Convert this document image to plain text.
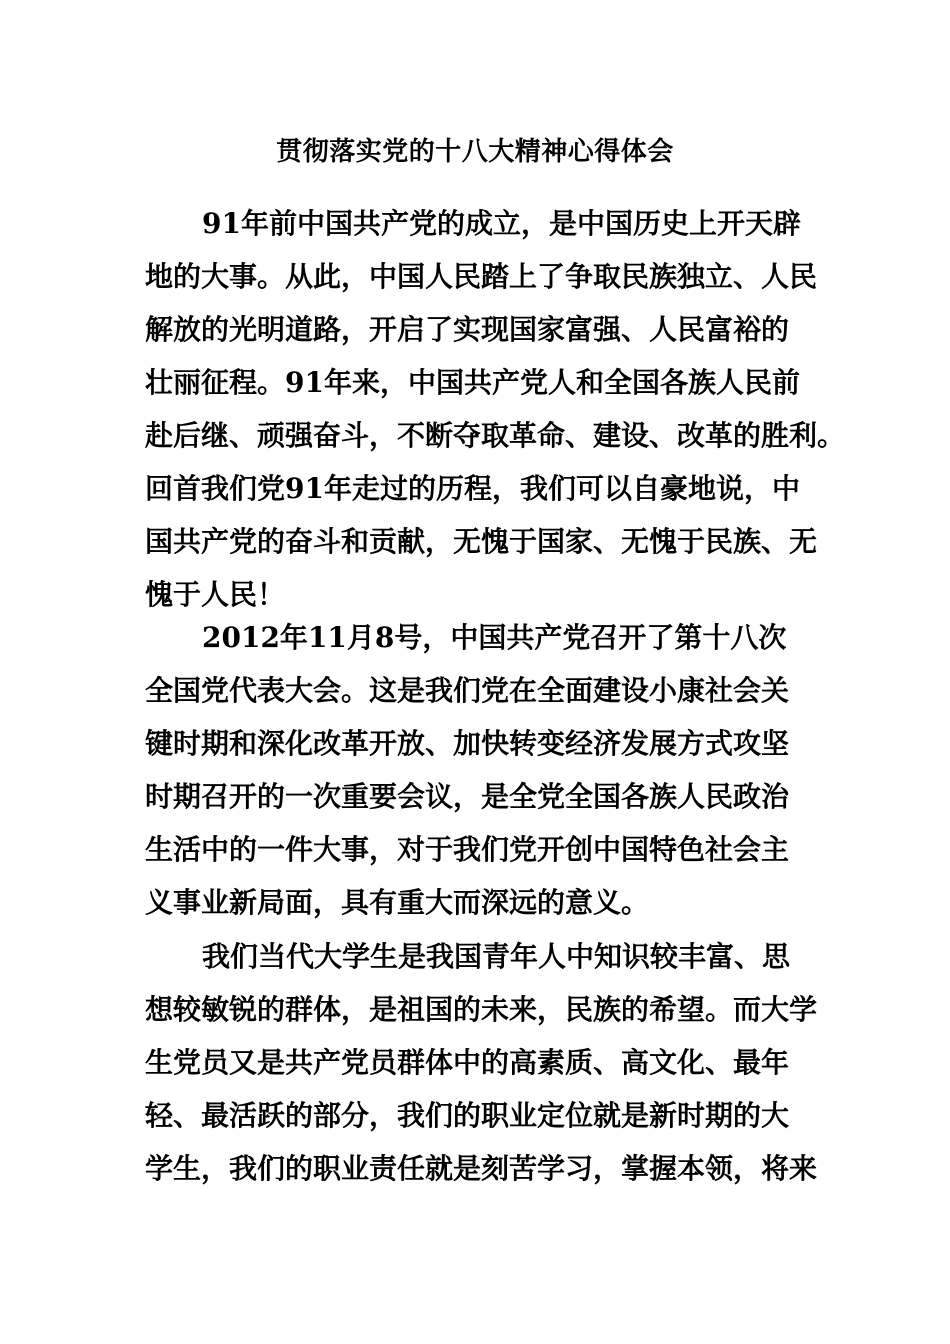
贯彻落实党的十八大精神心得体会
91年前中国共产党的成立，是中国历史上开天辟
地的大事。从此，中国人民踏上了争取民族独立、人民
解放的光明道路，开启了实现国家富强、人民富裕的
壮丽征程。91年来，中国共产党人和全国各族人民前
赴后继、顽强奋斗，不断夺取革命、建设、改革的胜利。
回首我们党91年走过的历程，我们可以自豪地说，中
国共产党的奋斗和贡献，无愧于国家、无愧于民族、无
愧于人民！
2012年11月8号，中国共产党召开了第十八次
全国党代表大会。这是我们党在全面建设小康社会关
键时期和深化改革开放、加快转变经济发展方式攻坚
时期召开的一次重要会议，是全党全国各族人民政治
生活中的一件大事，对于我们党开创中国特色社会主
义事业新局面，具有重大而深远的意义。
我们当代大学生是我国青年人中知识较丰富、思
想较敏锐的群体，是祖国的未来，民族的希望。而大学
生党员又是共产党员群体中的高素质、高文化、最年
轻、最活跃的部分，我们的职业定位就是新时期的大
学生，我们的职业责任就是刻苦学习，掌握本领，将来
